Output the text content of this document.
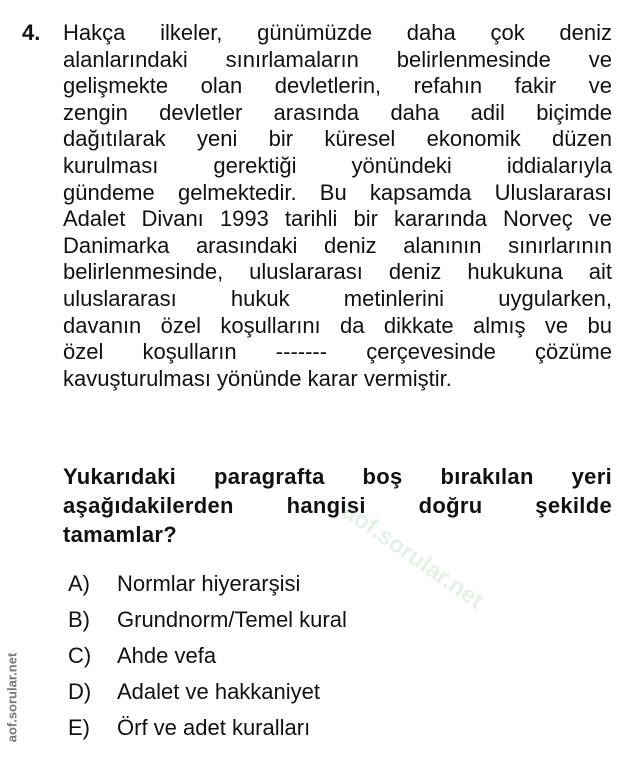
4. Hakça ilkeler, günümüzde daha çok deniz
alanlarındaki sınırlamaların belirlenmesinde ve
gelişmekte olan devletlerin, refahın fakir ve
zengin devletler arasında daha adil biçimde
dağıtılarak yeni bir küresel ekonomik düzen
kurulması gerektiği yönündeki iddialarıyla
gündeme gelmektedir. Bu kapsamda Uluslararası
Adalet Divanı 1993 tarihli bir kararında Norveç ve
Danimarka arasındaki deniz alanının sınırlarının
belirlenmesinde, uluslararası deniz hukukuna ait
uluslararası hukuk metinlerini uygularken,
davanın özel koşullarını da dikkate almış ve bu
özel koşulların ------- çerçevesinde çözüme
kavuşturulması yönünde karar vermiştir.
Yukarıdaki paragrafta boş bırakılan yeri
aşağıdakilerden hangisi doğru şekilde
tamamlar?
A) Normlar hiyerarşisi
B) Grundnorm/Temel kural
C) Ahde vefa
D) Adalet ve hakkaniyet
E) Örf ve adet kuralları
aof.sorular.net
aof.sorular.net
